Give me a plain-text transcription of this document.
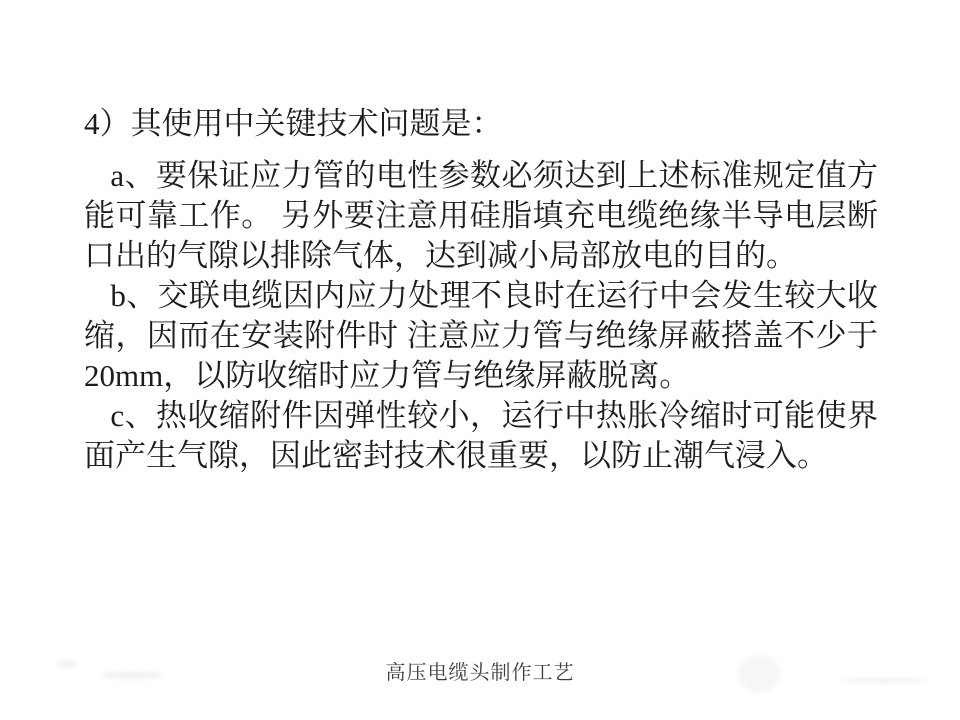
4）其使用中关键技术问题是：

a、要保证应力管的电性参数必须达到上述标准规定值方能可靠工作。 另外要注意用硅脂填充电缆绝缘半导电层断口出的气隙以排除气体，达到减小局部放电的目的。

b、交联电缆因内应力处理不良时在运行中会发生较大收缩，因而在安装附件时 注意应力管与绝缘屏蔽搭盖不少于20mm，以防收缩时应力管与绝缘屏蔽脱离。

c、热收缩附件因弹性较小，运行中热胀冷缩时可能使界面产生气隙，因此密封技术很重要，以防止潮气浸入。

高压电缆头制作工艺
